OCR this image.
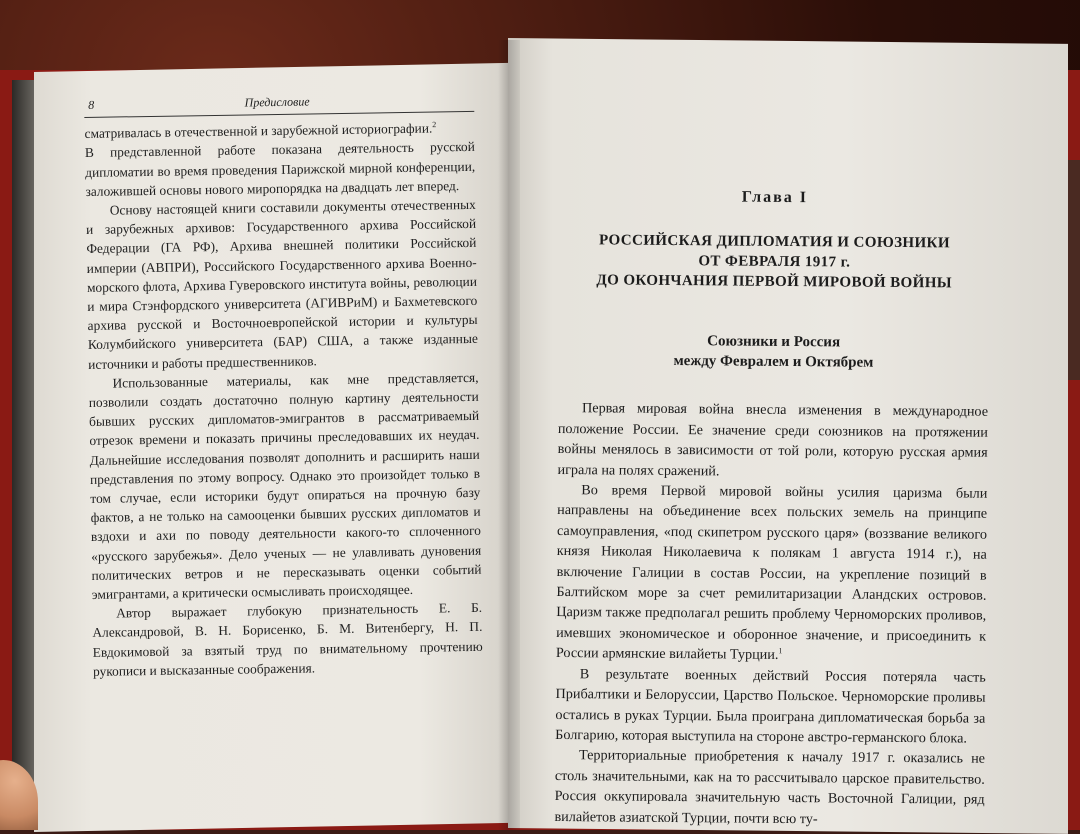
8	Предисловие

сматривалась в отечественной и зарубежной историографии.$^2$

В представленной работе показана деятельность русской дипломатии во время проведения Парижской мирной конференции, заложившей основы нового миропорядка на двадцать лет вперед.

Основу настоящей книги составили документы отечественных и зарубежных архивов: Государственного архива Российской Федерации (ГА РФ), Архива внешней политики Российской империи (АВПРИ), Российского Государственного архива Военно-морского флота, Архива Гуверовского института войны, революции и мира Стэнфордского университета (АГИВРиМ) и Бахметевского архива русской и Восточноевропейской истории и культуры Колумбийского университета (БАР) США, а также изданные источники и работы предшественников.

Использованные материалы, как мне представляется, позволили создать достаточно полную картину деятельности бывших русских дипломатов-эмигрантов в рассматриваемый отрезок времени и показать причины преследовавших их неудач. Дальнейшие исследования позволят дополнить и расширить наши представления по этому вопросу. Однако это произойдет только в том случае, если историки будут опираться на прочную базу фактов, а не только на самооценки бывших русских дипломатов и вздохи и ахи по поводу деятельности какого-то сплоченного «русского зарубежья». Дело ученых — не улавливать дуновения политических ветров и не пересказывать оценки событий эмигрантами, а критически осмысливать происходящее.

Автор выражает глубокую признательность Е. Б. Александровой, В. Н. Борисенко, Б. М. Витенбергу, Н. П. Евдокимовой за взятый труд по внимательному прочтению рукописи и высказанные соображения.

Глава I
РОССИЙСКАЯ ДИПЛОМАТИЯ И СОЮЗНИКИ
ОТ ФЕВРАЛЯ 1917 г.
ДО ОКОНЧАНИЯ ПЕРВОЙ МИРОВОЙ ВОЙНЫ
Союзники и Россия
между Февралем и Октябрем

Первая мировая война внесла изменения в международное положение России. Ее значение среди союзников на протяжении войны менялось в зависимости от той роли, которую русская армия играла на полях сражений.

Во время Первой мировой войны усилия царизма были направлены на объединение всех польских земель на принципе самоуправления, «под скипетром русского царя» (воззвание великого князя Николая Николаевича к полякам 1 августа 1914 г.), на включение Галиции в состав России, на укрепление позиций в Балтийском море за счет ремилитаризации Аландских островов. Царизм также предполагал решить проблему Черноморских проливов, имевших экономическое и оборонное значение, и присоединить к России армянские вилайеты Турции.$^1$

В результате военных действий Россия потеряла часть Прибалтики и Белоруссии, Царство Польское. Черноморские проливы остались в руках Турции. Была проиграна дипломатическая борьба за Болгарию, которая выступила на стороне австро-германского блока.

Территориальные приобретения к началу 1917 г. оказались не столь значительными, как на то рассчитывало царское правительство. Россия оккупировала значительную часть Восточной Галиции, ряд вилайетов азиатской Турции, почти всю ту-
